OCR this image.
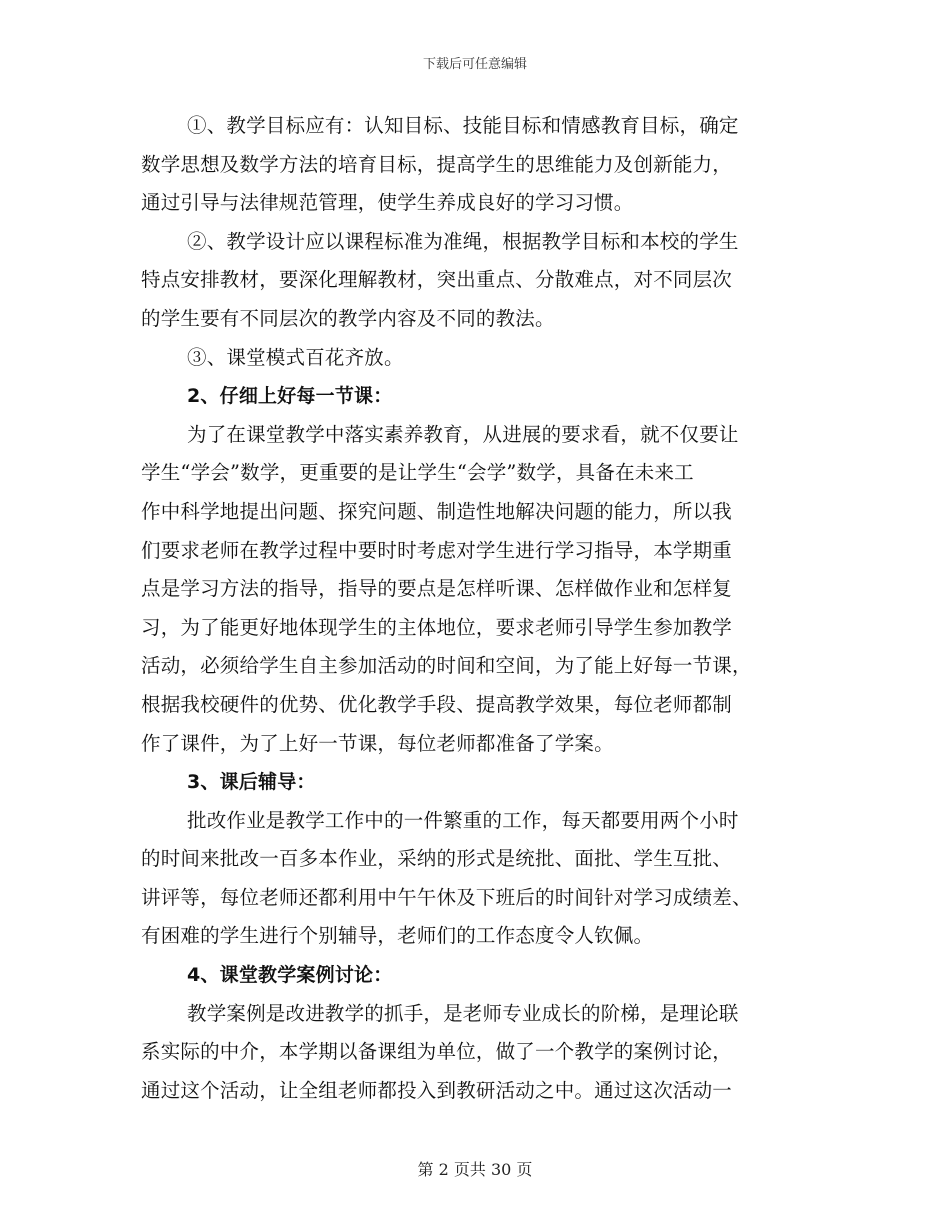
下载后可任意编辑
①、教学目标应有：认知目标、技能目标和情感教育目标，确定
数学思想及数学方法的培育目标，提高学生的思维能力及创新能力，
通过引导与法律规范管理，使学生养成良好的学习习惯。
②、教学设计应以课程标准为准绳，根据教学目标和本校的学生
特点安排教材，要深化理解教材，突出重点、分散难点，对不同层次
的学生要有不同层次的教学内容及不同的教法。
③、课堂模式百花齐放。
2、仔细上好每一节课：
为了在课堂教学中落实素养教育，从进展的要求看，就不仅要让
学生“学会”数学，更重要的是让学生“会学”数学，具备在未来工
作中科学地提出问题、探究问题、制造性地解决问题的能力，所以我
们要求老师在教学过程中要时时考虑对学生进行学习指导，本学期重
点是学习方法的指导，指导的要点是怎样听课、怎样做作业和怎样复
习，为了能更好地体现学生的主体地位，要求老师引导学生参加教学
活动，必须给学生自主参加活动的时间和空间，为了能上好每一节课，
根据我校硬件的优势、优化教学手段、提高教学效果，每位老师都制
作了课件，为了上好一节课，每位老师都准备了学案。
3、课后辅导：
批改作业是教学工作中的一件繁重的工作，每天都要用两个小时
的时间来批改一百多本作业，采纳的形式是统批、面批、学生互批、
讲评等，每位老师还都利用中午午休及下班后的时间针对学习成绩差、
有困难的学生进行个别辅导，老师们的工作态度令人钦佩。
4、课堂教学案例讨论：
教学案例是改进教学的抓手，是老师专业成长的阶梯，是理论联
系实际的中介，本学期以备课组为单位，做了一个教学的案例讨论，
通过这个活动，让全组老师都投入到教研活动之中。通过这次活动一
第 2 页共 30 页
